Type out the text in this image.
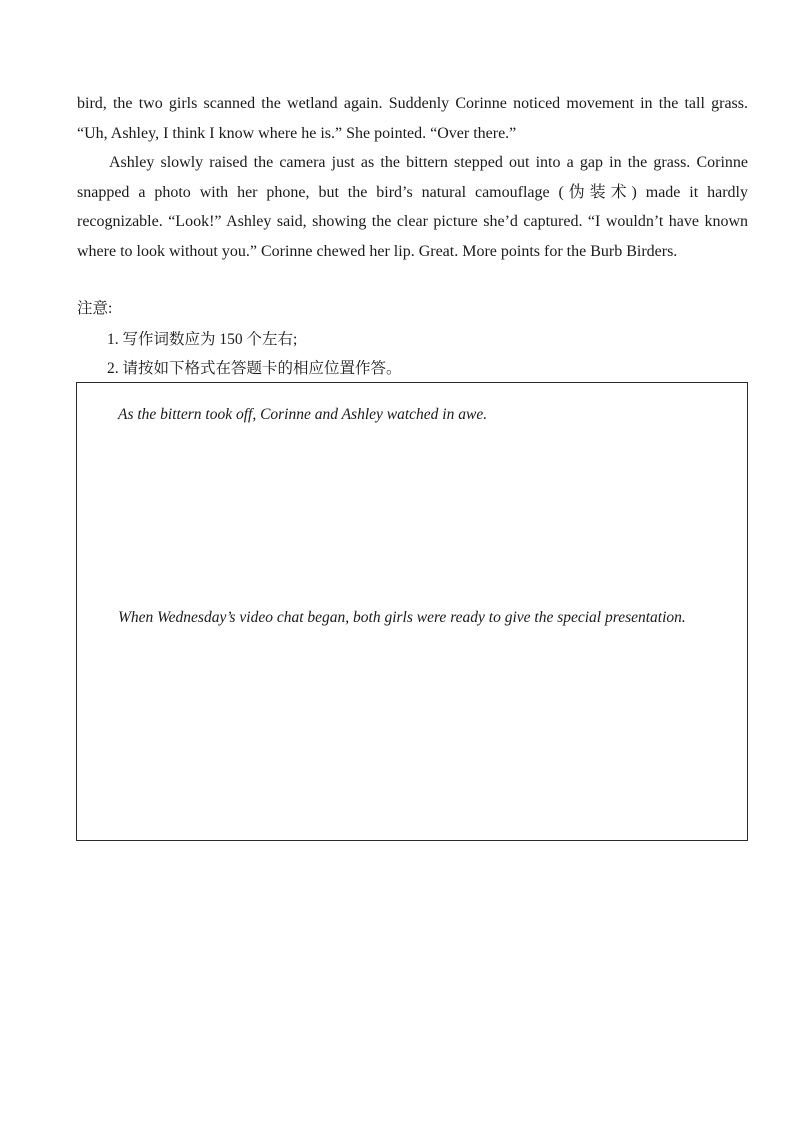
bird, the two girls scanned the wetland again. Suddenly Corinne noticed movement in the tall grass. “Uh, Ashley, I think I know where he is.” She pointed. “Over there.”

Ashley slowly raised the camera just as the bittern stepped out into a gap in the grass. Corinne snapped a photo with her phone, but the bird’s natural camouflage (伪装术) made it hardly recognizable. “Look!” Ashley said, showing the clear picture she’d captured. “I wouldn’t have known where to look without you.” Corinne chewed her lip. Great. More points for the Burb Birders.

注意:

1. 写作词数应为 150 个左右;
2. 请按如下格式在答题卡的相应位置作答。

As the bittern took off, Corinne and Ashley watched in awe.

When Wednesday’s video chat began, both girls were ready to give the special presentation.
